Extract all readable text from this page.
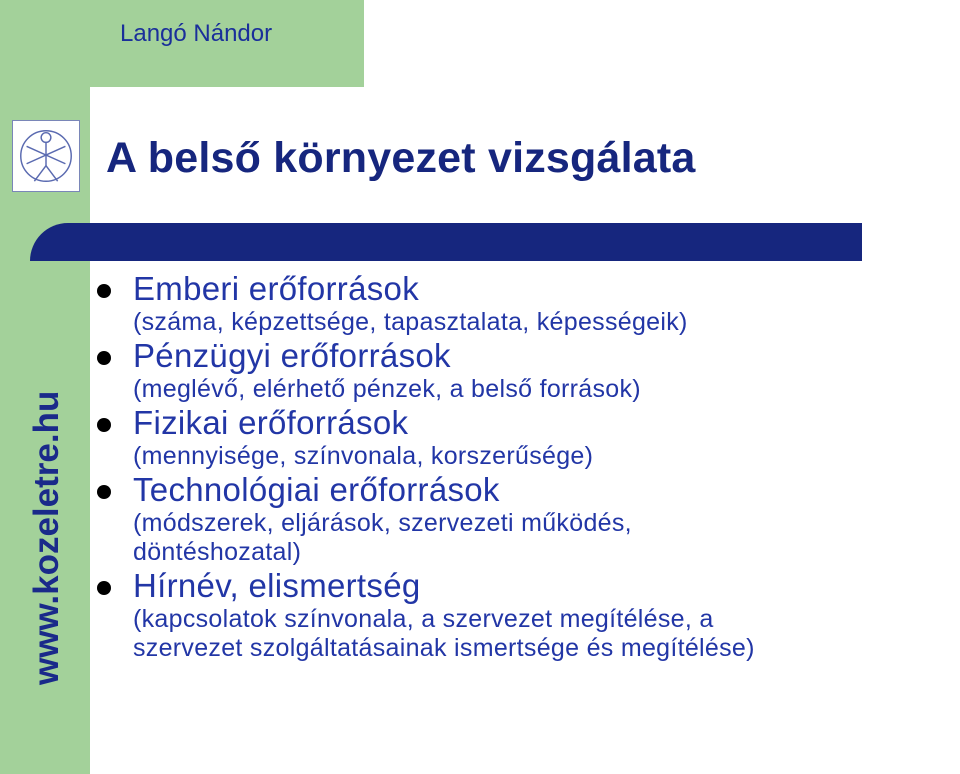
Langó Nándor
www.kozeletre.hu
A belső környezet vizsgálata
Emberi erőforrások
(száma, képzettsége, tapasztalata, képességeik)
Pénzügyi erőforrások
(meglévő, elérhető pénzek, a belső források)
Fizikai erőforrások
(mennyisége, színvonala, korszerűsége)
Technológiai erőforrások
(módszerek, eljárások, szervezeti működés,
döntéshozatal)
Hírnév, elismertség
(kapcsolatok színvonala, a szervezet megítélése, a
szervezet szolgáltatásainak ismertsége és megítélése)
